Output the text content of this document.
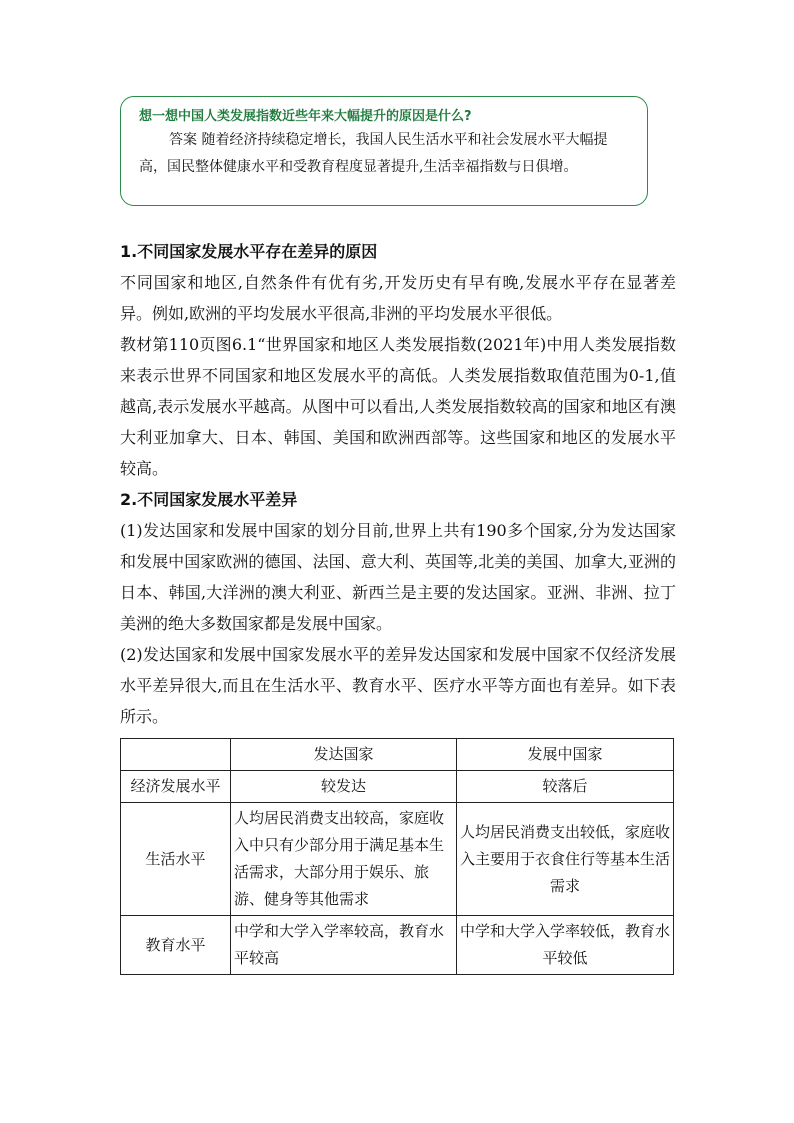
想一想中国人类发展指数近些年来大幅提升的原因是什么?
答案 随着经济持续稳定增长，我国人民生活水平和社会发展水平大幅提高，国民整体健康水平和受教育程度显著提升,生活幸福指数与日俱增。

1.不同国家发展水平存在差异的原因

不同国家和地区,自然条件有优有劣,开发历史有早有晚,发展水平存在显著差异。例如,欧洲的平均发展水平很高,非洲的平均发展水平很低。

教材第110页图6.1“世界国家和地区人类发展指数(2021年)中用人类发展指数来表示世界不同国家和地区发展水平的高低。人类发展指数取值范围为0-1,值越高,表示发展水平越高。从图中可以看出,人类发展指数较高的国家和地区有澳大利亚加拿大、日本、韩国、美国和欧洲西部等。这些国家和地区的发展水平较高。

2.不同国家发展水平差异

(1)发达国家和发展中国家的划分目前,世界上共有190多个国家,分为发达国家和发展中国家欧洲的德国、法国、意大利、英国等,北美的美国、加拿大,亚洲的日本、韩国,大洋洲的澳大利亚、新西兰是主要的发达国家。亚洲、非洲、拉丁美洲的绝大多数国家都是发展中国家。

(2)发达国家和发展中国家发展水平的差异发达国家和发展中国家不仅经济发展水平差异很大,而且在生活水平、教育水平、医疗水平等方面也有差异。如下表所示。

	发达国家	发展中国家
经济发展水平	较发达	较落后
生活水平	人均居民消费支出较高，家庭收入中只有少部分用于满足基本生活需求，大部分用于娱乐、旅游、健身等其他需求	人均居民消费支出较低，家庭收入主要用于衣食住行等基本生活需求
教育水平	中学和大学入学率较高，教育水平较高	中学和大学入学率较低，教育水平较低
